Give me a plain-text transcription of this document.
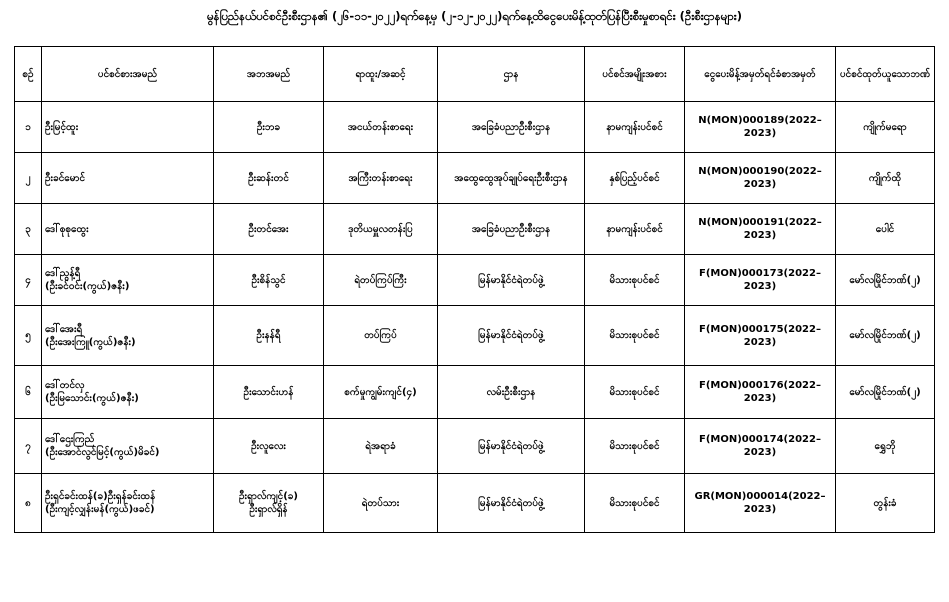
မွန်ပြည်နယ်ပင်စင်ဦးစီးဌာန၏ (၂၆-၁၁-၂၀၂၂)ရက်နေ့မှ (၂-၁၂-၂၀၂၂)ရက်နေ့ထိငွေပေးမိန့်ထုတ်ပြန်ပြီးစီးမှုစာရင်း (ဦးစီးဌာနများ)
စဉ်	ပင်စင်စားအမည်	အဘအမည်	ရာထူး/အဆင့်	ဌာန	ပင်စင်အမျိုးအစား	ငွေပေးမိန့်အမှတ်ရင်ခံစာအမှတ်	ပင်စင်ထုတ်ယူသောဘဏ်
၁	ဦးမြင့်ထူး	ဦးဘခ	အငယ်တန်းစာရေး	အခြေခံပညာဦးစီးဌာန	နာမကျန်းပင်စင်	N(MON)000189(2022–2023)	ကျိုက်မရော
၂	ဦးခင်မောင်	ဦးဆန်းတင်	အကြီးတန်းစာရေး	အထွေထွေအုပ်ချုပ်ရေးဦးစီးဌာန	နှစ်ပြည့်ပင်စင်	N(MON)000190(2022–2023)	ကျိုက်ထို
၃	ဒေါ်စုစုထွေး	ဦးတင်အေး	ဒုတိယမှူလတန်းပြ	အခြေခံပညာဦးစီးဌာန	နာမကျန်းပင်စင်	N(MON)000191(2022–2023)	ပေါင်
၄	ဒေါ်ညွန့်ရီ
(ဦးခင်ဝင်း(ကွယ်)ဇနီး)	ဦးစိန်သွင်	ရဲတပ်ကြပ်ကြီး	မြန်မာနိုင်ငံရဲတပ်ဖွဲ့	မိသားစုပင်စင်	F(MON)000173(2022–2023)	မော်လမြိုင်ဘဏ်(၂)
၅	ဒေါ်အေးရီ
(ဦးအေးကြူ(ကွယ်)ဇနီး)	ဦးနန်ရီ	တပ်ကြပ်	မြန်မာနိုင်ငံရဲတပ်ဖွဲ့	မိသားစုပင်စင်	F(MON)000175(2022–2023)	မော်လမြိုင်ဘဏ်(၂)
၆	ဒေါ်တင်လှ
(ဦးမြသောင်း(ကွယ်)ဇနီး)	ဦးသောင်းဟန်	စက်မှုကျွမ်းကျင်(၄)	လမ်းဦးစီးဌာန	မိသားစုပင်စင်	F(MON)000176(2022–2023)	မော်လမြိုင်ဘဏ်(၂)
၇	ဒေါ်ဌေးကြည်
(ဦးအောင်လွင်မြင့်(ကွယ်)မိခင်)	ဦးလူလေး	ရဲအရာခံ	မြန်မာနိုင်ငံရဲတပ်ဖွဲ့	မိသားစုပင်စင်	F(MON)000174(2022–2023)	ရွှေဘို
၈	ဦးရှင်ခင်းထန်(ခ)ဦးရှန်ခင်းထန်
(ဦးကျင့်လျှန်းမန်(ကွယ်)ဖခင်)	ဦးရှာလ်ကျင့်(ခ)
ဦးရှာလ်ရှိန်	ရဲတပ်သား	မြန်မာနိုင်ငံရဲတပ်ဖွဲ့	မိသားစုပင်စင်	GR(MON)000014(2022–2023)	တွန်းခံ
